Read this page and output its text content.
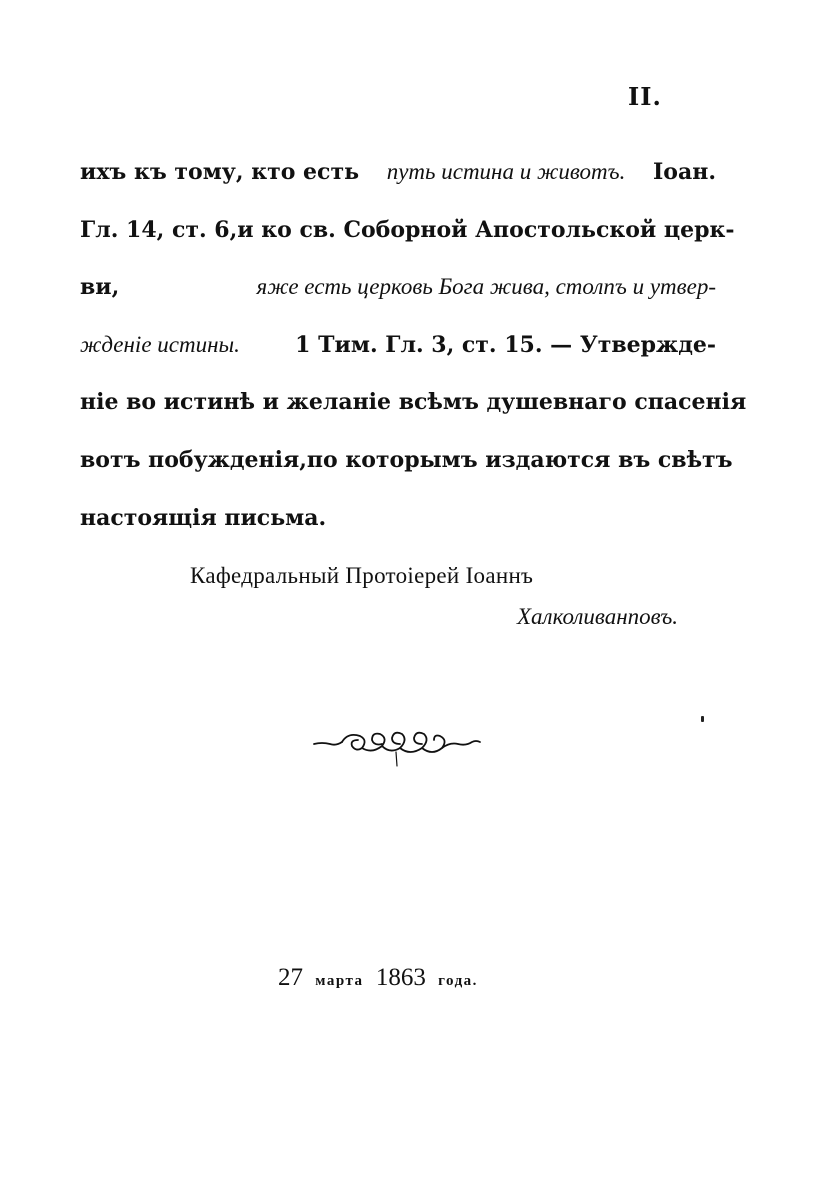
II.
ихъ къ тому, кто есть путь истина и животъ. Іоан.
Гл. 14, ст. 6, и ко св. Соборной Апостольской церк-
ви,	яже есть церковь Бога жива, столпъ и утвер-
жденіе истины.	1 Тим. Гл. 3, ст. 15. — Утвержде-
ніе во истинѣ и желаніе всѣмъ душевнаго спасенія
вотъ побужденія, по которымъ издаются въ свѣтъ
настоящія письма.
Кафедральный Протоіерей Іоаннъ
Халколиванповъ.
27 марта 1863 года.
